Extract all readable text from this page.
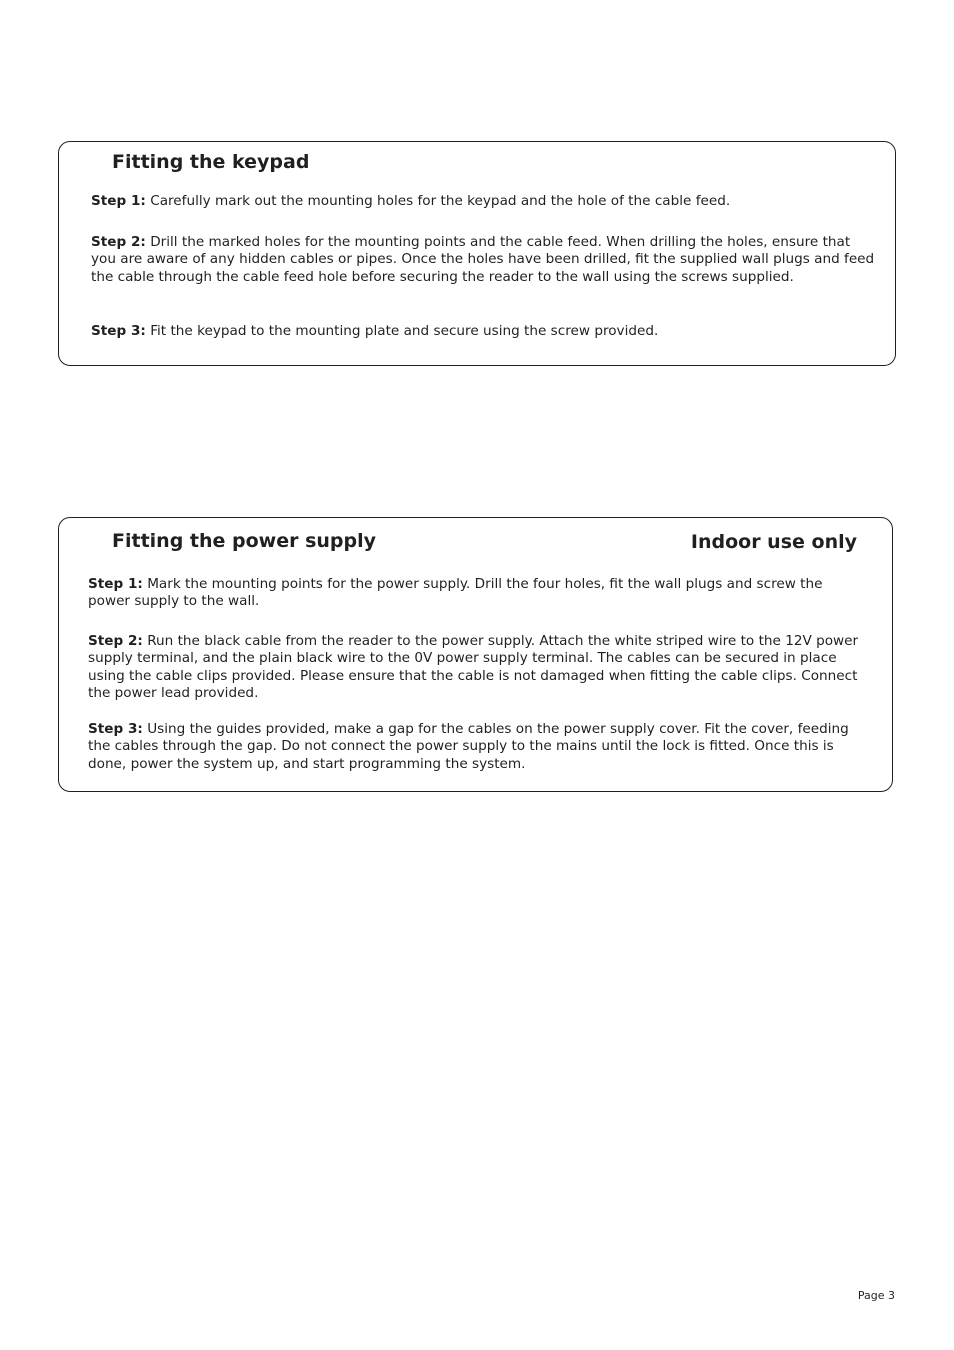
Fitting the keypad

Step 1: Carefully mark out the mounting holes for the keypad and the hole of the cable feed.

Step 2: Drill the marked holes for the mounting points and the cable feed. When drilling the holes, ensure that you are aware of any hidden cables or pipes. Once the holes have been drilled, fit the supplied wall plugs and feed the cable through the cable feed hole before securing the reader to the wall using the screws supplied.

Step 3: Fit the keypad to the mounting plate and secure using the screw provided.

Fitting the power supply	Indoor use only

Step 1: Mark the mounting points for the power supply. Drill the four holes, fit the wall plugs and screw the power supply to the wall.

Step 2: Run the black cable from the reader to the power supply. Attach the white striped wire to the 12V power supply terminal, and the plain black wire to the 0V power supply terminal. The cables can be secured in place using the cable clips provided. Please ensure that the cable is not damaged when fitting the cable clips. Connect the power lead provided.

Step 3: Using the guides provided, make a gap for the cables on the power supply cover. Fit the cover, feeding the cables through the gap. Do not connect the power supply to the mains until the lock is fitted. Once this is done, power the system up, and start programming the system.

Page 3
